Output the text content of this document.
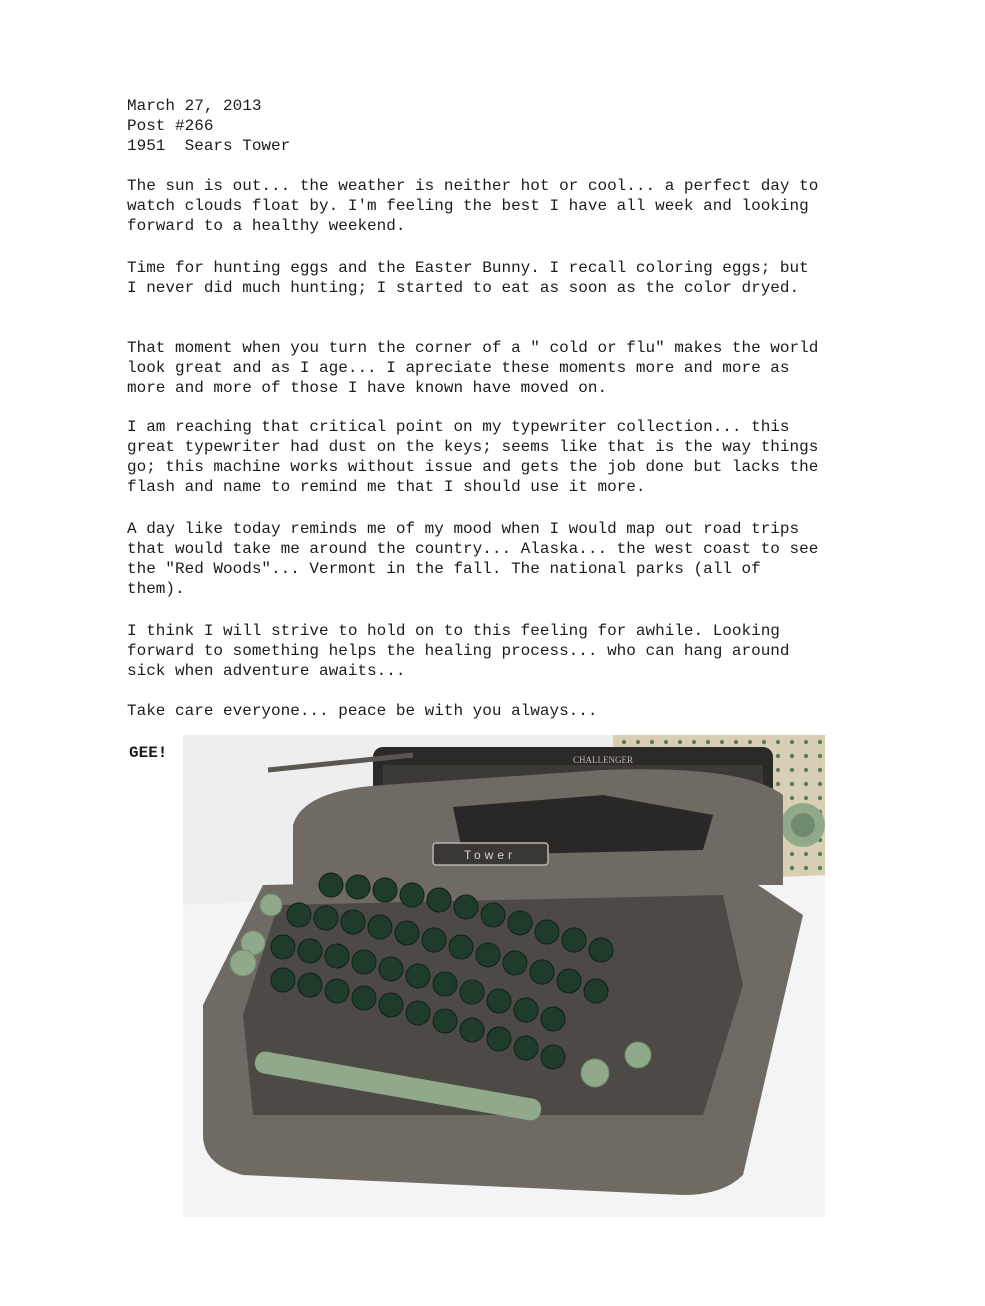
March 27, 2013
Post #266
1951  Sears Tower
The sun is out... the weather is neither hot or cool... a perfect day to watch clouds float by. I'm feeling the best I have all week and looking forward to a healthy weekend.
Time for hunting eggs and the Easter Bunny. I recall coloring eggs; but I never did much hunting; I started to eat as soon as the color dryed.
That moment when you turn the corner of a " cold or flu" makes the world look great and as I age... I apreciate these moments more and more as more and more of those I have known have moved on.
I am reaching that critical point on my typewriter collection... this great typewriter had dust on the keys; seems like that is the way things go; this machine works without issue and gets the job done but lacks the flash and name to remind me that I should use it more.
A day like today reminds me of my mood when I would map out road trips that would take me around the country... Alaska... the west coast to see the "Red Woods"... Vermont in the fall. The national parks (all of them).
I think I will strive to hold on to this feeling for awhile. Looking forward to something helps the healing process... who can hang around sick when adventure awaits...
Take care everyone... peace be with you always...
GEE!	CHALLENGER
Tower
